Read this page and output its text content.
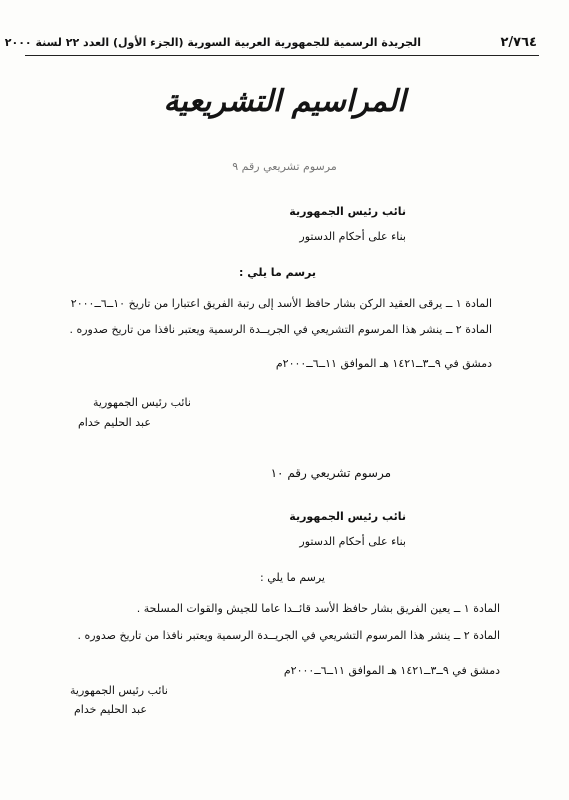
٢/٧٦٤
الجريدة الرسمية للجمهورية العربية السورية (الجزء الأول) العدد ٢٢ لسنة ٢٠٠٠
المراسيم التشريعية
مرسوم تشريعي رقم ٩
نائب رئيس الجمهورية
بناء على أحكام الدستور
يرسم ما يلي :
المادة ١ ــ يرقى العقيد الركن بشار حافظ الأسد إلى رتبة الفريق اعتبارا من تاريخ ١٠ــ٦ــ٢٠٠٠
المادة ٢ ــ ينشر هذا المرسوم التشريعي في الجريــدة الرسمية ويعتبر نافذا من تاريخ صدوره .
دمشق في ٩ــ٣ــ١٤٢١ هـ الموافق ١١ــ٦ــ٢٠٠٠م
نائب رئيس الجمهورية
عبد الحليم خدام
مرسوم تشريعي رقم ١٠
نائب رئيس الجمهورية
بناء على أحكام الدستور
يرسم ما يلي :
المادة ١ ــ يعين الفريق بشار حافظ الأسد قائــدا عاما للجيش والقوات المسلحة .
المادة ٢ ــ ينشر هذا المرسوم التشريعي في الجريــدة الرسمية ويعتبر نافذا من تاريخ صدوره .
دمشق في ٩ــ٣ــ١٤٢١ هـ الموافق ١١ــ٦ــ٢٠٠٠م
نائب رئيس الجمهورية
عبد الحليم خدام
